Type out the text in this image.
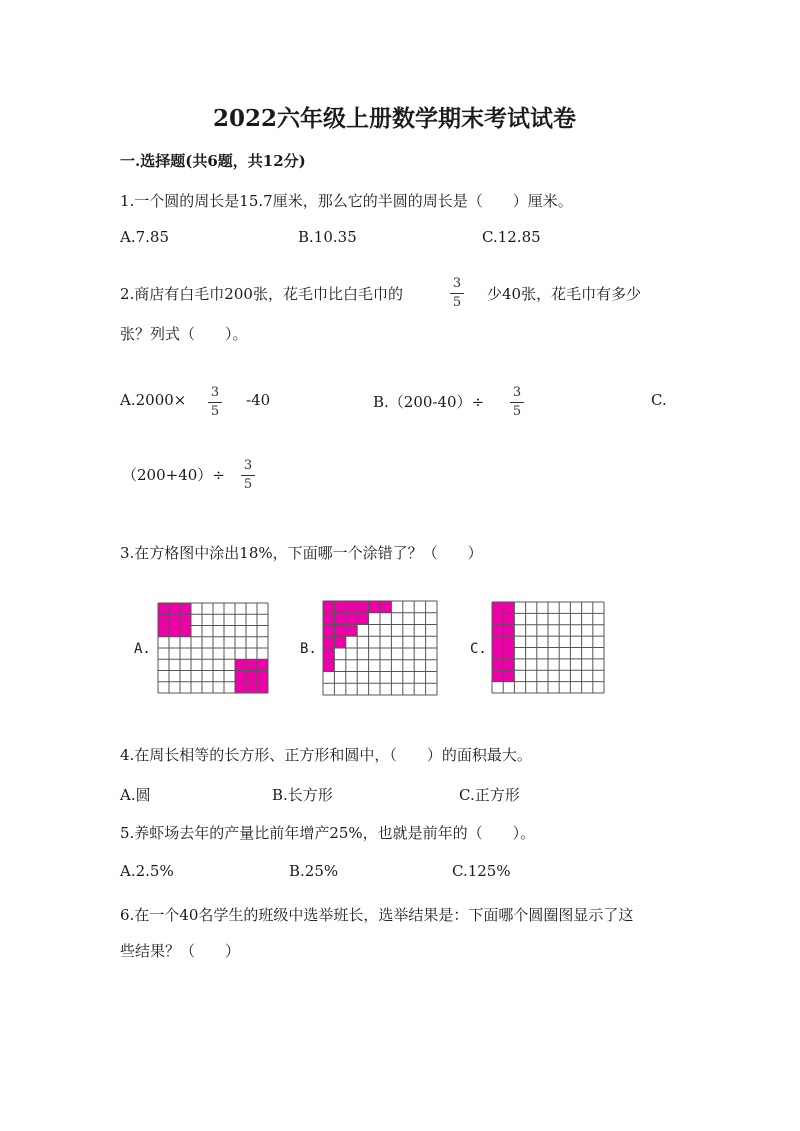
2022六年级上册数学期末考试试卷
一.选择题(共6题，共12分)
1.一个圆的周长是15.7厘米，那么它的半圆的周长是（　　）厘米。
A.7.85	B.10.35	C.12.85
2.商店有白毛巾200张，花毛巾比白毛巾的
3
5 少40张，花毛巾有多少
张？列式（　　）。
A.2000× 3
5
-40	B.（200-40）÷
3
5
C.
（200+40）÷
3
5
3.在方格图中涂出18%，下面哪一个涂错了？（　　）
A.	B.	C.
4.在周长相等的长方形、正方形和圆中，（　　）的面积最大。
A.圆	B.长方形	C.正方形
5.养虾场去年的产量比前年增产25%，也就是前年的（　　）。
A.2.5%	B.25%	C.125%
6.在一个40名学生的班级中选举班长，选举结果是：下面哪个圆圈图显示了这
些结果？（　　）
